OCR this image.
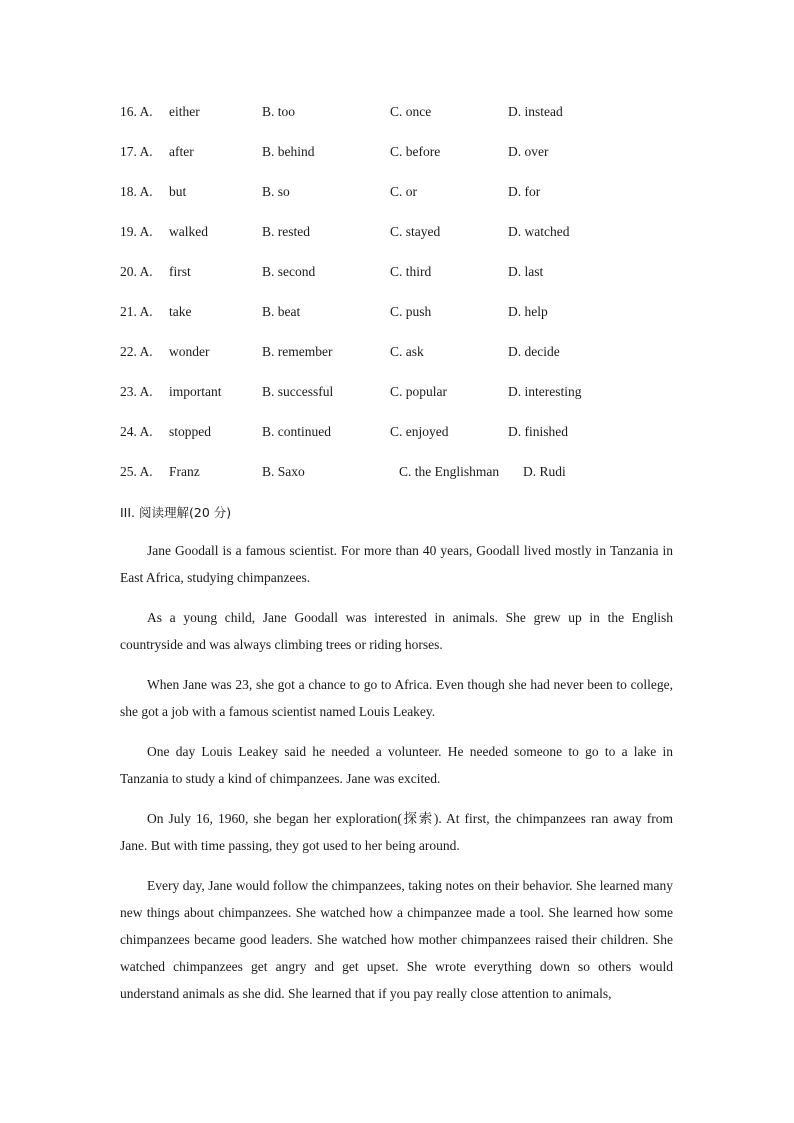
16. A. either	B. too	C. once	D. instead
17. A. after	B. behind	C. before	D. over
18. A. but	B. so	C. or	D. for
19. A. walked	B. rested	C. stayed	D. watched
20. A. first	B. second	C. third	D. last
21. A. take	B. beat	C. push	D. help
22. A. wonder	B. remember	C. ask	D. decide
23. A. important	B. successful	C. popular	D. interesting
24. A. stopped	B. continued	C. enjoyed	D. finished
25. A. Franz	B. Saxo	C. the Englishman D. Rudi
III. 阅读理解(20 分)

Jane Goodall is a famous scientist. For more than 40 years, Goodall lived mostly in Tanzania in East Africa, studying chimpanzees.

As a young child, Jane Goodall was interested in animals. She grew up in the English countryside and was always climbing trees or riding horses.

When Jane was 23, she got a chance to go to Africa. Even though she had never been to college, she got a job with a famous scientist named Louis Leakey.

One day Louis Leakey said he needed a volunteer. He needed someone to go to a lake in Tanzania to study a kind of chimpanzees. Jane was excited.

On July 16, 1960, she began her exploration(探索). At first, the chimpanzees ran away from Jane. But with time passing, they got used to her being around.

Every day, Jane would follow the chimpanzees, taking notes on their behavior. She learned many new things about chimpanzees. She watched how a chimpanzee made a tool. She learned how some chimpanzees became good leaders. She watched how mother chimpanzees raised their children. She watched chimpanzees get angry and get upset. She wrote everything down so others would understand animals as she did. She learned that if you pay really close attention to animals,
